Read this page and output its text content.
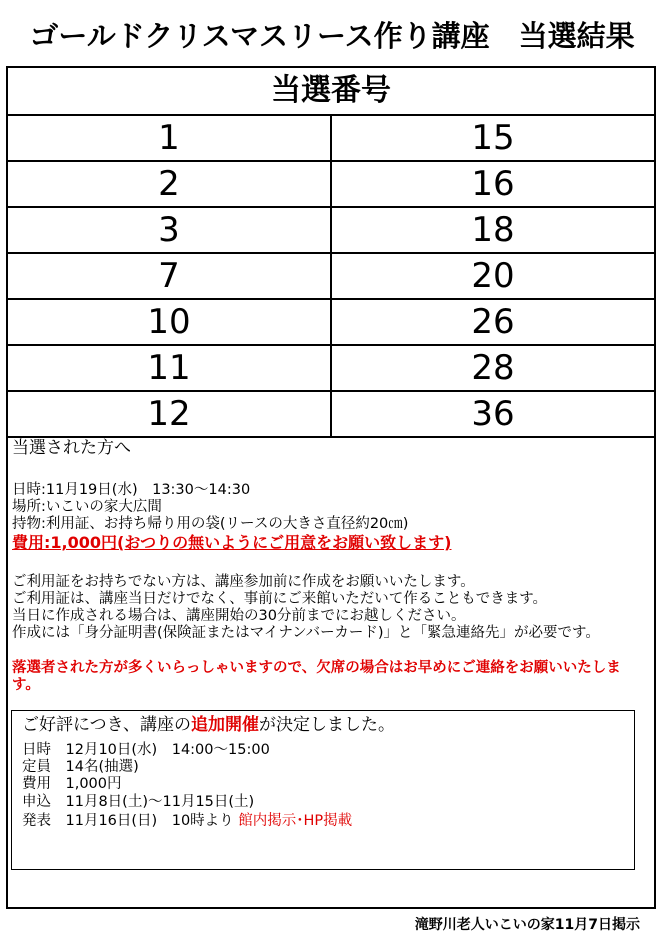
ゴールドクリスマスリース作り講座　当選結果
当選番号
1	15
2	16
3	18
7	20
10	26
11	28
12	36
当選された方へ
日時:11月19日(水)　13:30〜14:30
場所:いこいの家大広間
持物:利用証、お持ち帰り用の袋(リースの大きさ直径約20㎝)
費用:1,000円(おつりの無いようにご用意をお願い致します)
ご利用証をお持ちでない方は、講座参加前に作成をお願いいたします。
ご利用証は、講座当日だけでなく、事前にご来館いただいて作ることもできます。
当日に作成される場合は、講座開始の30分前までにお越しください。
作成には「身分証明書(保険証またはマイナンバーカード)」と「緊急連絡先」が必要です。
落選者された方が多くいらっしゃいますので、欠席の場合はお早めにご連絡をお願いいたします。
ご好評につき、講座の追加開催が決定しました。
日時　12月10日(水)　14:00〜15:00
定員　14名(抽選)
費用　1,000円
申込　11月8日(土)〜11月15日(土)
発表　11月16日(日)　10時より 館内掲示･HP掲載
滝野川老人いこいの家11月7日掲示
